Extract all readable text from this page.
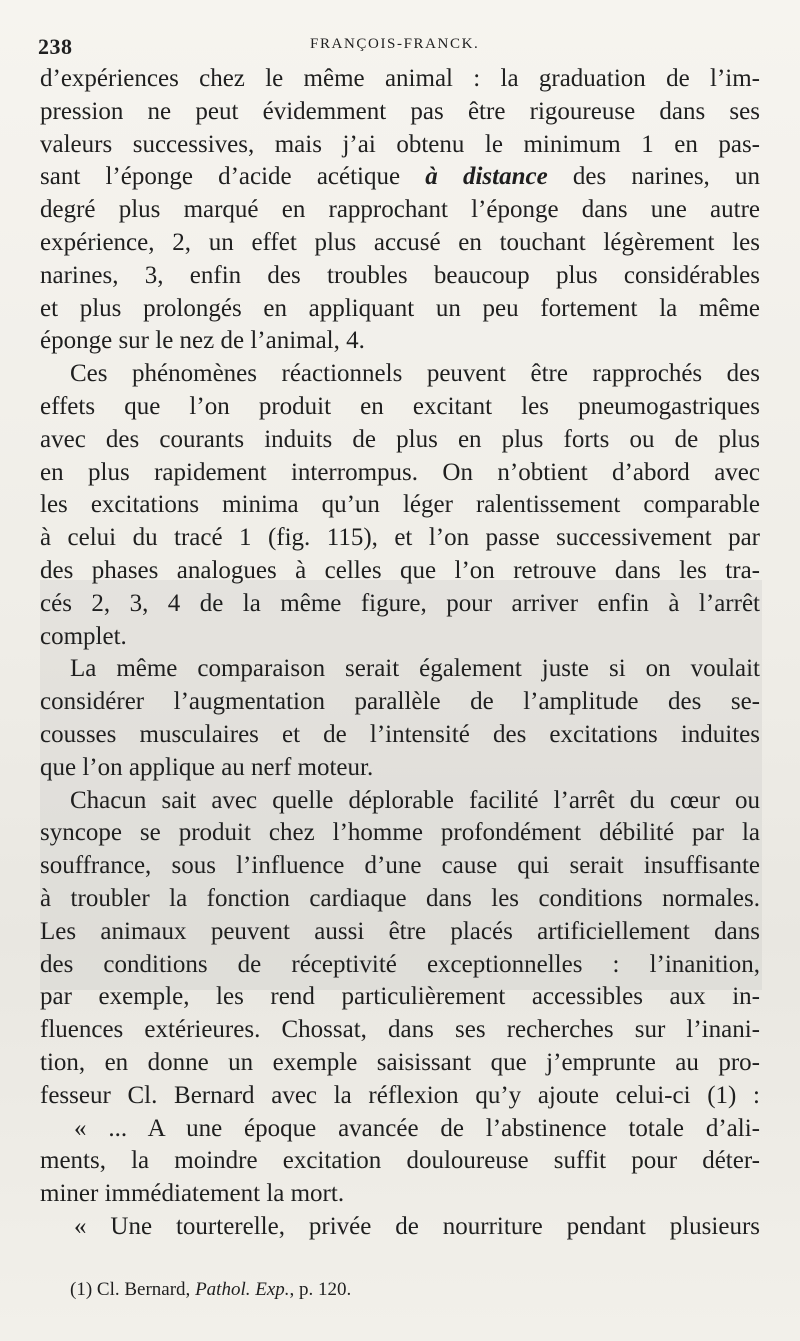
238	FRANÇOIS-FRANCK.
d’expériences chez le même animal : la graduation de l’im-
pression ne peut évidemment pas être rigoureuse dans ses
valeurs successives, mais j’ai obtenu le minimum 1 en pas-
sant l’éponge d’acide acétique à distance des narines, un
degré plus marqué en rapprochant l’éponge dans une autre
expérience, 2, un effet plus accusé en touchant légèrement les
narines, 3, enfin des troubles beaucoup plus considérables
et plus prolongés en appliquant un peu fortement la même
éponge sur le nez de l’animal, 4.
Ces phénomènes réactionnels peuvent être rapprochés des
effets que l’on produit en excitant les pneumogastriques
avec des courants induits de plus en plus forts ou de plus
en plus rapidement interrompus. On n’obtient d’abord avec
les excitations minima qu’un léger ralentissement comparable
à celui du tracé 1 (fig. 115), et l’on passe successivement par
des phases analogues à celles que l’on retrouve dans les tra-
cés 2, 3, 4 de la même figure, pour arriver enfin à l’arrêt
complet.
La même comparaison serait également juste si on voulait
considérer l’augmentation parallèle de l’amplitude des se-
cousses musculaires et de l’intensité des excitations induites
que l’on applique au nerf moteur.
Chacun sait avec quelle déplorable facilité l’arrêt du cœur ou
syncope se produit chez l’homme profondément débilité par la
souffrance, sous l’influence d’une cause qui serait insuffisante
à troubler la fonction cardiaque dans les conditions normales.
Les animaux peuvent aussi être placés artificiellement dans
des conditions de réceptivité exceptionnelles : l’inanition,
par exemple, les rend particulièrement accessibles aux in-
fluences extérieures. Chossat, dans ses recherches sur l’inani-
tion, en donne un exemple saisissant que j’emprunte au pro-
fesseur Cl. Bernard avec la réflexion qu’y ajoute celui-ci (1) :
« ... A une époque avancée de l’abstinence totale d’ali-
ments, la moindre excitation douloureuse suffit pour déter-
miner immédiatement la mort.
« Une tourterelle, privée de nourriture pendant plusieurs
(1) Cl. Bernard, Pathol. Exp., p. 120.
